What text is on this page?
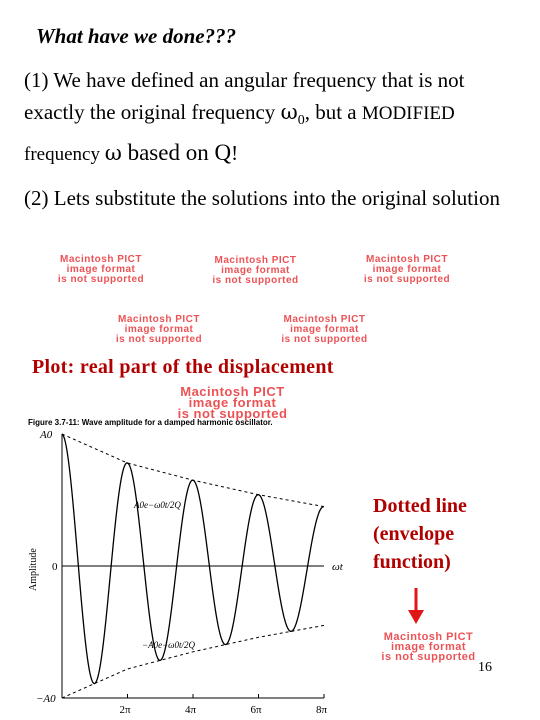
What have we done???
(1) We have defined an angular frequency that is not exactly the original frequency $\omega_0$, but a MODIFIED frequency ω based on Q!
(2) Lets substitute the solutions into the original solution
Macintosh PICT
image format
is not supported
Macintosh PICT
image format
is not supported
Macintosh PICT
image format
is not supported
Macintosh PICT
image format
is not supported
Macintosh PICT
image format
is not supported
Macintosh PICT
image format
is not supported
Macintosh PICT
image format
is not supported
Plot: real part of the displacement
Figure 3.7-11: Wave amplitude for a damped harmonic oscillator.
A0
−A0
0	ωt
Amplitude
A0e−ω0t/2Q
−A0e−ω0t/2Q
2π	4π	6π	8π
Dotted line
(envelope
function)
16
